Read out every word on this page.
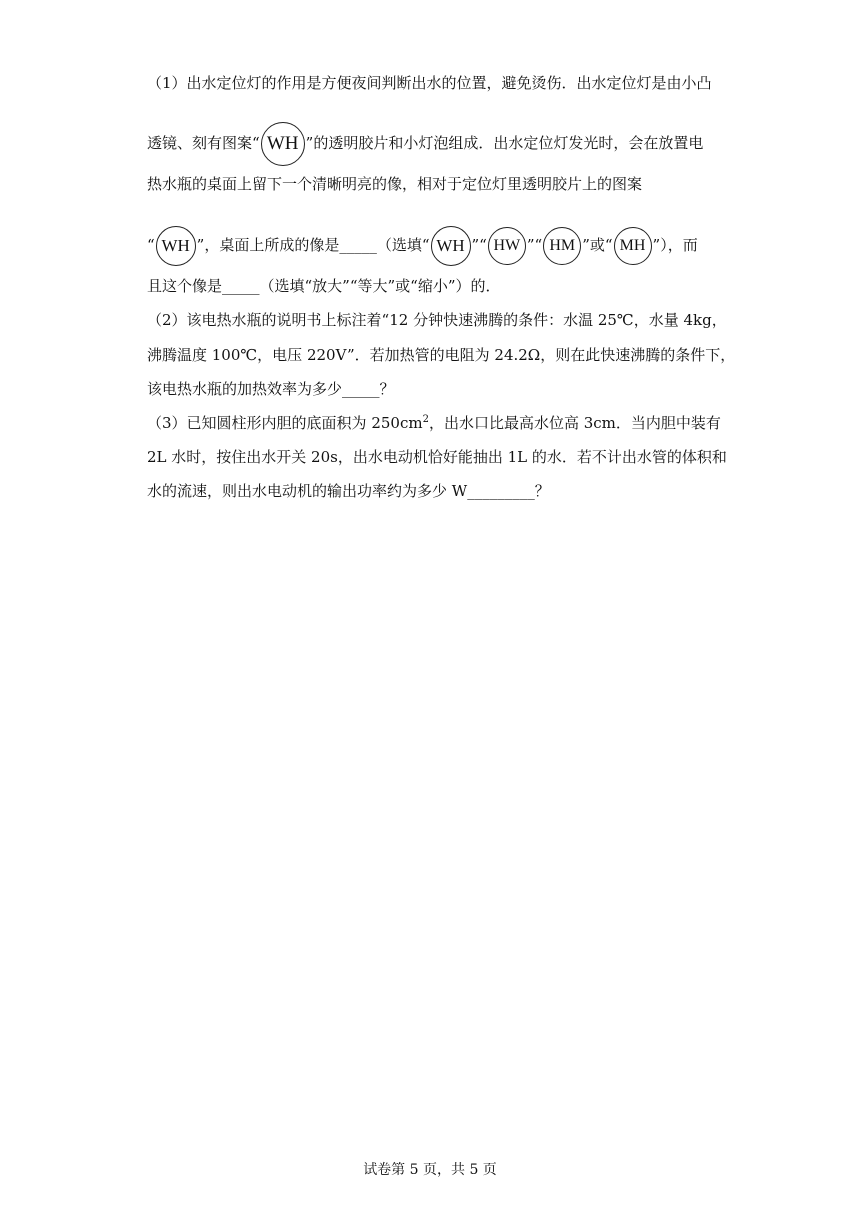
（1）出水定位灯的作用是方便夜间判断出水的位置，避免烫伤．出水定位灯是由小凸
透镜、刻有图案“ WH ”的透明胶片和小灯泡组成．出水定位灯发光时，会在放置电
热水瓶的桌面上留下一个清晰明亮的像，相对于定位灯里透明胶片上的图案
“ WH ”，桌面上所成的像是_____（选填“ WH ”“ HW ”“ HM ”或“ MH ”），而
且这个像是_____（选填“放大”“等大”或“缩小”）的．
（2）该电热水瓶的说明书上标注着“12 分钟快速沸腾的条件：水温 25℃，水量 4kg，
沸腾温度 100℃，电压 220V”．若加热管的电阻为 24.2Ω，则在此快速沸腾的条件下，
该电热水瓶的加热效率为多少_____？
（3）已知圆柱形内胆的底面积为 $250cm^2$，出水口比最高水位高 3cm．当内胆中装有
2L 水时，按住出水开关 20s，出水电动机恰好能抽出 1L 的水．若不计出水管的体积和
水的流速，则出水电动机的输出功率约为多少 W_________？
试卷第 5 页，共 5 页
